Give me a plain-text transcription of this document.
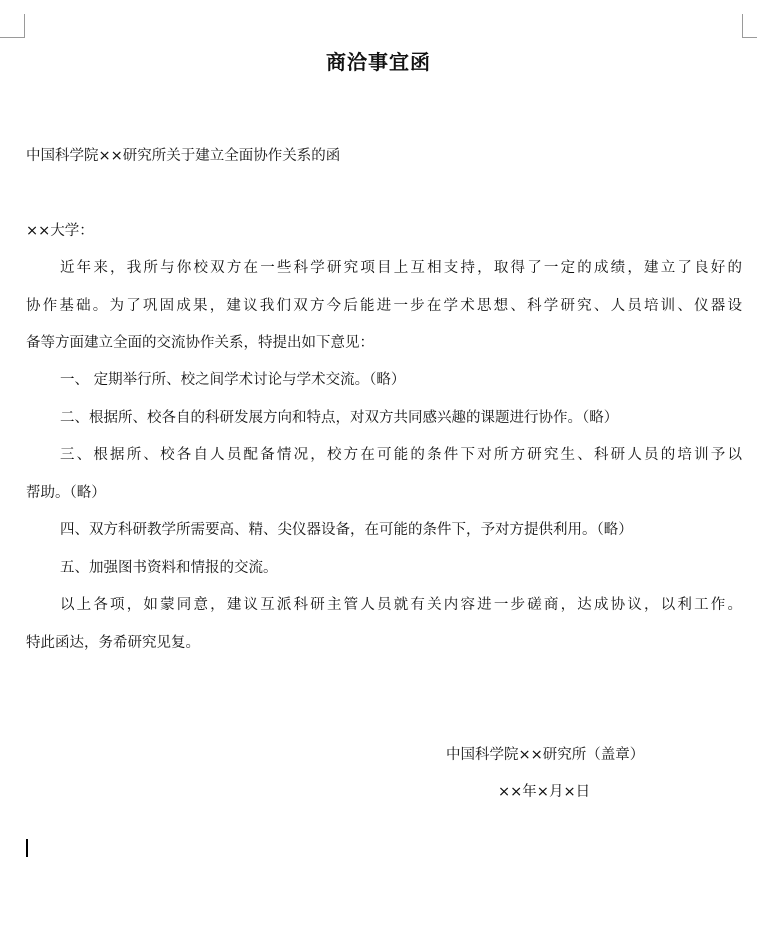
商洽事宜函
中国科学院××研究所关于建立全面协作关系的函
××大学：
近年来，我所与你校双方在一些科学研究项目上互相支持，取得了一定的成绩，建立了良好的
协作基础。为了巩固成果，建议我们双方今后能进一步在学术思想、科学研究、人员培训、仪器设
备等方面建立全面的交流协作关系，特提出如下意见：
一、 定期举行所、校之间学术讨论与学术交流。（略）
二、根据所、校各自的科研发展方向和特点，对双方共同感兴趣的课题进行协作。（略）
三、根据所、校各自人员配备情况，校方在可能的条件下对所方研究生、科研人员的培训予以
帮助。（略）
四、双方科研教学所需要高、精、尖仪器设备，在可能的条件下，予对方提供利用。（略）
五、加强图书资料和情报的交流。
以上各项，如蒙同意，建议互派科研主管人员就有关内容进一步磋商，达成协议，以利工作。
特此函达，务希研究见复。
中国科学院××研究所（盖章）
××年×月×日
